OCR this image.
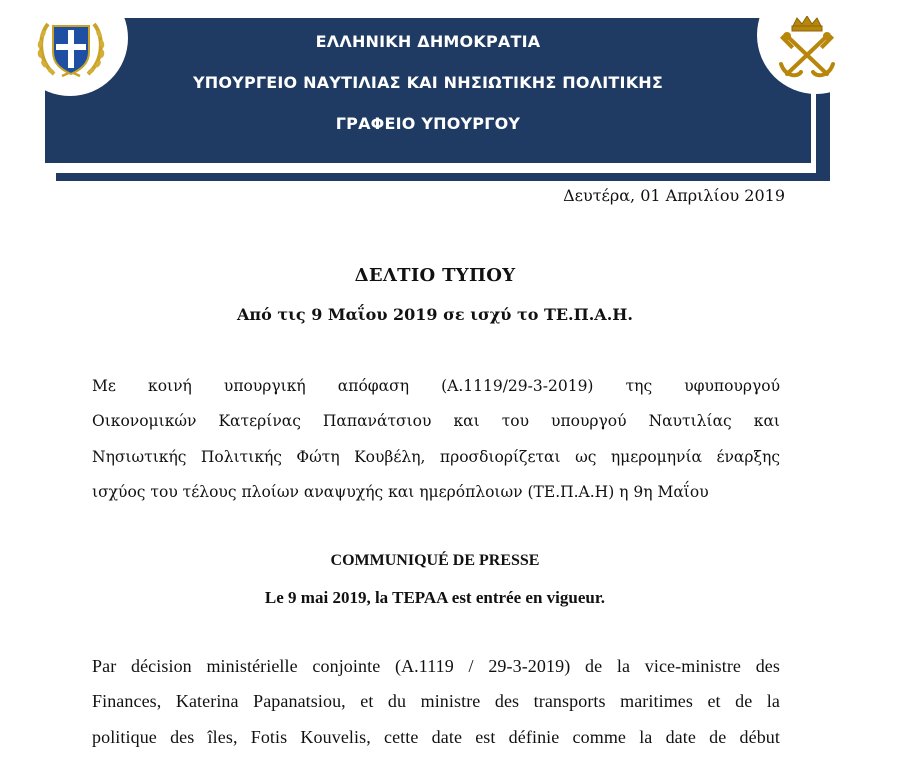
ΕΛΛΗΝΙΚΗ ΔΗΜΟΚΡΑΤΙΑ
ΥΠΟΥΡΓΕΙΟ ΝΑΥΤΙΛΙΑΣ ΚΑΙ ΝΗΣΙΩΤΙΚΗΣ ΠΟΛΙΤΙΚΗΣ
ΓΡΑΦΕΙΟ ΥΠΟΥΡΓΟΥ
Δευτέρα, 01 Απριλίου 2019
ΔΕΛΤΙΟ ΤΥΠΟΥ
Από τις 9 Μαΐου 2019 σε ισχύ το ΤΕ.Π.Α.Η.
Με κοινή υπουργική απόφαση (Α.1119/29-3-2019) της υφυπουργού
Οικονομικών Κατερίνας Παπανάτσιου και του υπουργού Ναυτιλίας και
Νησιωτικής Πολιτικής Φώτη Κουβέλη, προσδιορίζεται ως ημερομηνία έναρξης
ισχύος του τέλους πλοίων αναψυχής και ημερόπλοιων (ΤΕ.Π.Α.Η) η 9η Μαΐου
COMMUNIQUÉ DE PRESSE
Le 9 mai 2019, la TEPAA est entrée en vigueur.
Par décision ministérielle conjointe (A.1119 / 29-3-2019) de la vice-ministre des
Finances, Katerina Papanatsiou, et du ministre des transports maritimes et de la
politique des îles, Fotis Kouvelis, cette date est définie comme la date de début
